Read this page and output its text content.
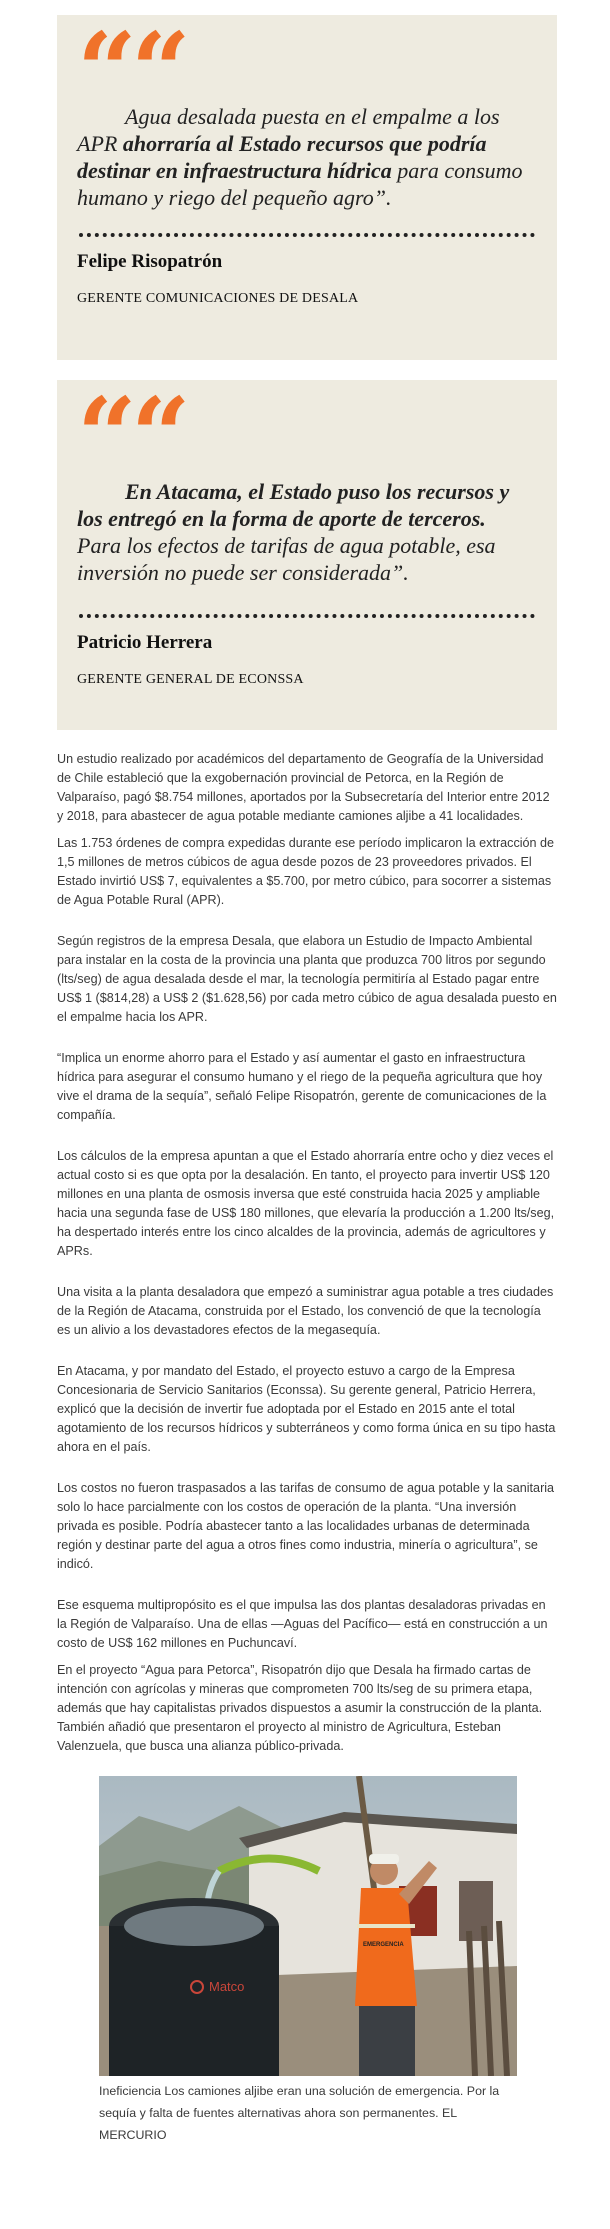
““
Agua desalada puesta en el empalme a los APR ahorraría al Estado recursos que podría destinar en infraestructura hídrica para consumo humano y riego del pequeño agro”.
Felipe Risopatrón
GERENTE COMUNICACIONES DE DESALA
““
En Atacama, el Estado puso los recursos y los entregó en la forma de aporte de terceros. Para los efectos de tarifas de agua potable, esa inversión no puede ser considerada”.
Patricio Herrera
GERENTE GENERAL DE ECONSSA

Un estudio realizado por académicos del departamento de Geografía de la Universidad de Chile estableció que la exgobernación provincial de Petorca, en la Región de Valparaíso, pagó $8.754 millones, aportados por la Subsecretaría del Interior entre 2012 y 2018, para abastecer de agua potable mediante camiones aljibe a 41 localidades.

Las 1.753 órdenes de compra expedidas durante ese período implicaron la extracción de 1,5 millones de metros cúbicos de agua desde pozos de 23 proveedores privados. El Estado invirtió US$ 7, equivalentes a $5.700, por metro cúbico, para socorrer a sistemas de Agua Potable Rural (APR).

Según registros de la empresa Desala, que elabora un Estudio de Impacto Ambiental para instalar en la costa de la provincia una planta que produzca 700 litros por segundo (lts/seg) de agua desalada desde el mar, la tecnología permitiría al Estado pagar entre US$ 1 ($814,28) a US$ 2 ($1.628,56) por cada metro cúbico de agua desalada puesto en el empalme hacia los APR.

“Implica un enorme ahorro para el Estado y así aumentar el gasto en infraestructura hídrica para asegurar el consumo humano y el riego de la pequeña agricultura que hoy vive el drama de la sequía”, señaló Felipe Risopatrón, gerente de comunicaciones de la compañía.

Los cálculos de la empresa apuntan a que el Estado ahorraría entre ocho y diez veces el actual costo si es que opta por la desalación. En tanto, el proyecto para invertir US$ 120 millones en una planta de osmosis inversa que esté construida hacia 2025 y ampliable hacia una segunda fase de US$ 180 millones, que elevaría la producción a 1.200 lts/seg, ha despertado interés entre los cinco alcaldes de la provincia, además de agricultores y APRs.

Una visita a la planta desaladora que empezó a suministrar agua potable a tres ciudades de la Región de Atacama, construida por el Estado, los convenció de que la tecnología es un alivio a los devastadores efectos de la megasequía.

En Atacama, y por mandato del Estado, el proyecto estuvo a cargo de la Empresa Concesionaria de Servicio Sanitarios (Econssa). Su gerente general, Patricio Herrera, explicó que la decisión de invertir fue adoptada por el Estado en 2015 ante el total agotamiento de los recursos hídricos y subterráneos y como forma única en su tipo hasta ahora en el país.

Los costos no fueron traspasados a las tarifas de consumo de agua potable y la sanitaria solo lo hace parcialmente con los costos de operación de la planta. “Una inversión privada es posible. Podría abastecer tanto a las localidades urbanas de determinada región y destinar parte del agua a otros fines como industria, minería o agricultura”, se indicó.

Ese esquema multipropósito es el que impulsa las dos plantas desaladoras privadas en la Región de Valparaíso. Una de ellas —Aguas del Pacífico— está en construcción a un costo de US$ 162 millones en Puchuncaví.

En el proyecto “Agua para Petorca”, Risopatrón dijo que Desala ha firmado cartas de intención con agrícolas y mineras que comprometen 700 lts/seg de su primera etapa, además que hay capitalistas privados dispuestos a asumir la construcción de la planta. También añadió que presentaron el proyecto al ministro de Agricultura, Esteban Valenzuela, que busca una alianza público-privada.

Matco
EMERGENCIA
Ineficiencia Los camiones aljibe eran una solución de emergencia. Por la sequía y falta de fuentes alternativas ahora son permanentes. EL MERCURIO
